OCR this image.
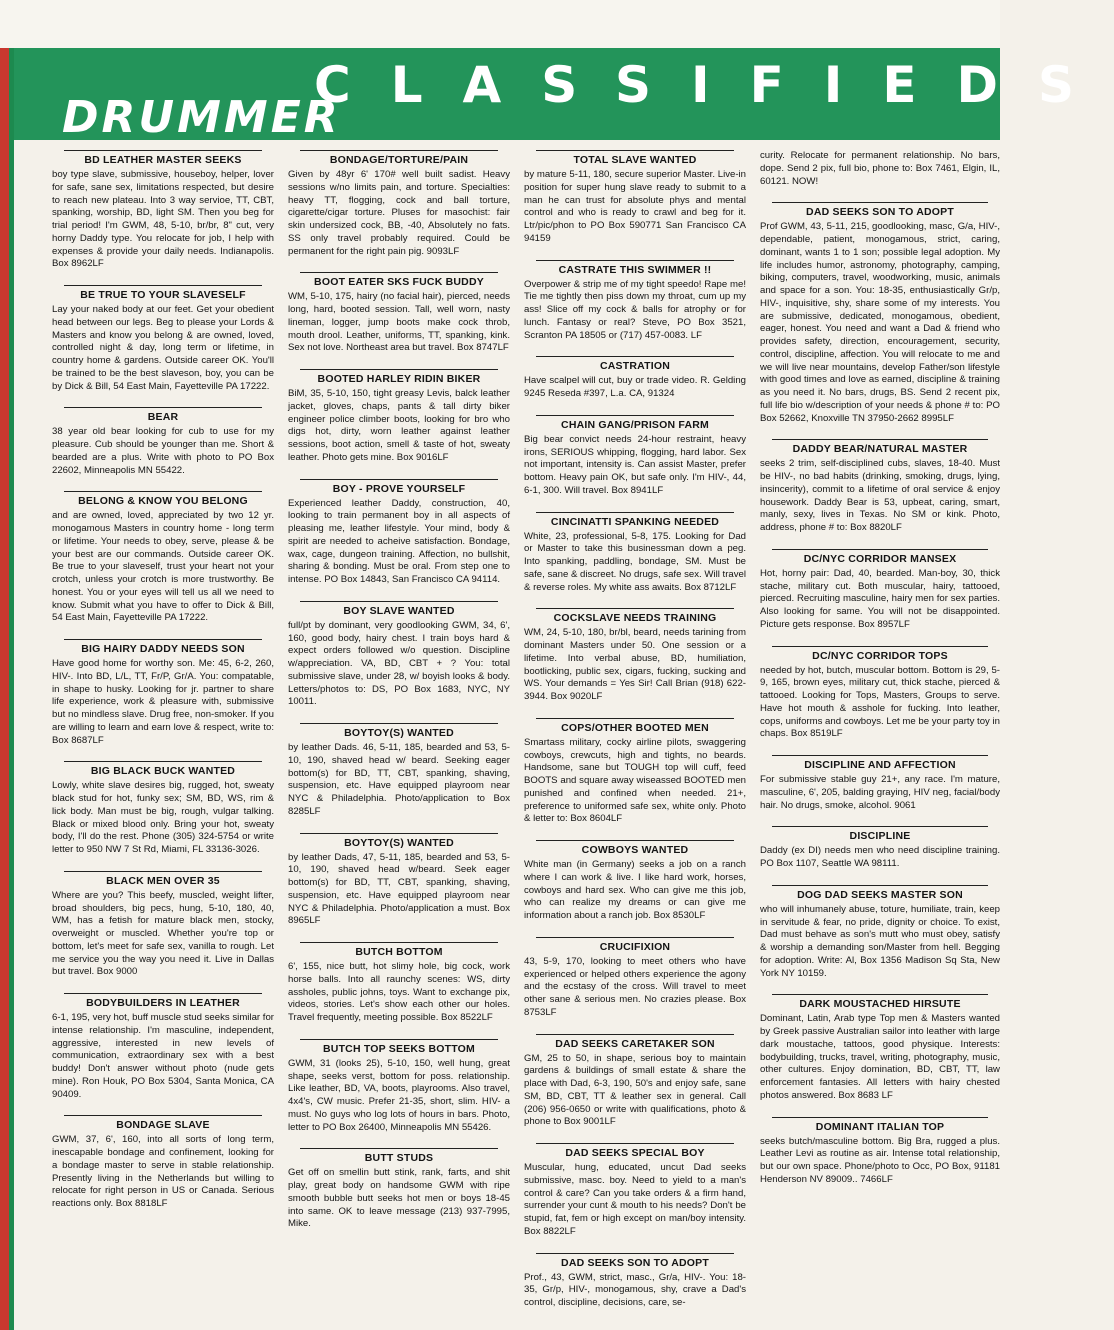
DRUMMER
CLASSIFIEDS
BD LEATHER MASTER SEEKS

boy type slave, submissive, houseboy, helper, lover for safe, sane sex, limitations respected, but desire to reach new plateau. Into 3 way servioe, TT, CBT, spanking, worship, BD, light SM. Then you beg for trial period! I'm GWM, 48, 5-10, br/br, 8" cut, very horny Daddy type. You relocate for job, I help with expenses & provide your daily needs. Indianapolis. Box 8962LF

BE TRUE TO YOUR SLAVESELF

Lay your naked body at our feet. Get your obedient head between our legs. Beg to please your Lords & Masters and know you belong & are owned, loved, controlled night & day, long term or lifetime, in country home & gardens. Outside career OK. You'll be trained to be the best slaveson, boy, you can be by Dick & Bill, 54 East Main, Fayetteville PA 17222.

BEAR

38 year old bear looking for cub to use for my pleasure. Cub should be younger than me. Short & bearded are a plus. Write with photo to PO Box 22602, Minneapolis MN 55422.

BELONG & KNOW YOU BELONG

and are owned, loved, appreciated by two 12 yr. monogamous Masters in country home - long term or lifetime. Your needs to obey, serve, please & be your best are our commands. Outside career OK. Be true to your slaveself, trust your heart not your crotch, unless your crotch is more trustworthy. Be honest. You or your eyes will tell us all we need to know. Submit what you have to offer to Dick & Bill, 54 East Main, Fayetteville PA 17222.

BIG HAIRY DADDY NEEDS SON

Have good home for worthy son. Me: 45, 6-2, 260, HIV-. Into BD, L/L, TT, Fr/P, Gr/A. You: compatable, in shape to husky. Looking for jr. partner to share life experience, work & pleasure with, submissive but no mindless slave. Drug free, non-smoker. If you are willing to learn and earn love & respect, write to: Box 8687LF

BIG BLACK BUCK WANTED

Lowly, white slave desires big, rugged, hot, sweaty black stud for hot, funky sex; SM, BD, WS, rim & lick body. Man must be big, rough, vulgar talking. Black or mixed blood only. Bring your hot, sweaty body, I'll do the rest. Phone (305) 324-5754 or write letter to 950 NW 7 St Rd, Miami, FL 33136-3026.

BLACK MEN OVER 35

Where are you? This beefy, muscled, weight lifter, broad shoulders, big pecs, hung, 5-10, 180, 40, WM, has a fetish for mature black men, stocky, overweight or muscled. Whether you're top or bottom, let's meet for safe sex, vanilla to rough. Let me service you the way you need it. Live in Dallas but travel. Box 9000

BODYBUILDERS IN LEATHER

6-1, 195, very hot, buff muscle stud seeks similar for intense relationship. I'm masculine, independent, aggressive, interested in new levels of communication, extraordinary sex with a best buddy! Don't answer without photo (nude gets mine). Ron Houk, PO Box 5304, Santa Monica, CA 90409.

BONDAGE SLAVE

GWM, 37, 6', 160, into all sorts of long term, inescapable bondage and confinement, looking for a bondage master to serve in stable relationship. Presently living in the Netherlands but willing to relocate for right person in US or Canada. Serious reactions only. Box 8818LF

BONDAGE/TORTURE/PAIN

Given by 48yr 6' 170# well built sadist. Heavy sessions w/no limits pain, and torture. Specialties: heavy TT, flogging, cock and ball torture, cigarette/cigar torture. Pluses for masochist: fair skin undersized cock, BB, -40, Absolutely no fats. SS only travel probably required. Could be permanent for the right pain pig. 9093LF

BOOT EATER SKS FUCK BUDDY

WM, 5-10, 175, hairy (no facial hair), pierced, needs long, hard, booted session. Tall, well worn, nasty lineman, logger, jump boots make cock throb, mouth drool. Leather, uniforms, TT, spanking, kink. Sex not love. Northeast area but travel. Box 8747LF

BOOTED HARLEY RIDIN BIKER

BiM, 35, 5-10, 150, tight greasy Levis, balck leather jacket, gloves, chaps, pants & tall dirty biker engineer police climber boots, looking for bro who digs hot, dirty, worn leather against leather sessions, boot action, smell & taste of hot, sweaty leather. Photo gets mine. Box 9016LF

BOY - PROVE YOURSELF

Experienced leather Daddy, construction, 40, looking to train permanent boy in all aspects of pleasing me, leather lifestyle. Your mind, body & spirit are needed to acheive satisfaction. Bondage, wax, cage, dungeon training. Affection, no bullshit, sharing & bonding. Must be oral. From step one to intense. PO Box 14843, San Francisco CA 94114.

BOY SLAVE WANTED

full/pt by dominant, very goodlooking GWM, 34, 6', 160, good body, hairy chest. I train boys hard & expect orders followed w/o question. Discipline w/appreciation. VA, BD, CBT + ? You: total submissive slave, under 28, w/ boyish looks & body. Letters/photos to: DS, PO Box 1683, NYC, NY 10011.

BOYTOY(S) WANTED

by leather Dads. 46, 5-11, 185, bearded and 53, 5-10, 190, shaved head w/ beard. Seeking eager bottom(s) for BD, TT, CBT, spanking, shaving, suspension, etc. Have equipped playroom near NYC & Philadelphia. Photo/application to Box 8285LF

BOYTOY(S) WANTED

by leather Dads, 47, 5-11, 185, bearded and 53, 5-10, 190, shaved head w/beard. Seek eager bottom(s) for BD, TT, CBT, spanking, shaving, suspension, etc. Have equipped playroom near NYC & Philadelphia. Photo/application a must. Box 8965LF

BUTCH BOTTOM

6', 155, nice butt, hot slimy hole, big cock, work horse balls. Into all raunchy scenes: WS, dirty assholes, public johns, toys. Want to exchange pix, videos, stories. Let's show each other our holes. Travel frequently, meeting possible. Box 8522LF

BUTCH TOP SEEKS BOTTOM

GWM, 31 (looks 25), 5-10, 150, well hung, great shape, seeks verst, bottom for poss. relationship. Like leather, BD, VA, boots, playrooms. Also travel, 4x4's, CW music. Prefer 21-35, short, slim. HIV- a must. No guys who log lots of hours in bars. Photo, letter to PO Box 26400, Minneapolis MN 55426.

BUTT STUDS

Get off on smellin butt stink, rank, farts, and shit play, great body on handsome GWM with ripe smooth bubble butt seeks hot men or boys 18-45 into same. OK to leave message (213) 937-7995, Mike.

TOTAL SLAVE WANTED

by mature 5-11, 180, secure superior Master. Live-in position for super hung slave ready to submit to a man he can trust for absolute phys and mental control and who is ready to crawl and beg for it. Ltr/pic/phon to PO Box 590771 San Francisco CA 94159

CASTRATE THIS SWIMMER !!

Overpower & strip me of my tight speedo! Rape me! Tie me tightly then piss down my throat, cum up my ass! Slice off my cock & balls for atrophy or for lunch. Fantasy or real? Steve, PO Box 3521, Scranton PA 18505 or (717) 457-0083. LF

CASTRATION

Have scalpel will cut, buy or trade video. R. Gelding 9245 Reseda #397, L.a. CA, 91324

CHAIN GANG/PRISON FARM

Big bear convict needs 24-hour restraint, heavy irons, SERIOUS whipping, flogging, hard labor. Sex not important, intensity is. Can assist Master, prefer bottom. Heavy pain OK, but safe only. I'm HIV-, 44, 6-1, 300. Will travel. Box 8941LF

CINCINATTI SPANKING NEEDED

White, 23, professional, 5-8, 175. Looking for Dad or Master to take this businessman down a peg. Into spanking, paddling, bondage, SM. Must be safe, sane & discreet. No drugs, safe sex. Will travel & reverse roles. My white ass awaits. Box 8712LF

COCKSLAVE NEEDS TRAINING

WM, 24, 5-10, 180, br/bl, beard, needs tarining from dominant Masters under 50. One session or a lifetime. Into verbal abuse, BD, humiliation, bootlicking, public sex, cigars, fucking, sucking and WS. Your demands = Yes Sir! Call Brian (918) 622-3944. Box 9020LF

COPS/OTHER BOOTED MEN

Smartass military, cocky airline pilots, swaggering cowboys, crewcuts, high and tights, no beards. Handsome, sane but TOUGH top will cuff, feed BOOTS and square away wiseassed BOOTED men punished and confined when needed. 21+, preference to uniformed safe sex, white only. Photo & letter to: Box 8604LF

COWBOYS WANTED

White man (in Germany) seeks a job on a ranch where I can work & live. I like hard work, horses, cowboys and hard sex. Who can give me this job, who can realize my dreams or can give me information about a ranch job. Box 8530LF

CRUCIFIXION

43, 5-9, 170, looking to meet others who have experienced or helped others experience the agony and the ecstasy of the cross. Will travel to meet other sane & serious men. No crazies please. Box 8753LF

DAD SEEKS CARETAKER SON

GM, 25 to 50, in shape, serious boy to maintain gardens & buildings of small estate & share the place with Dad, 6-3, 190, 50's and enjoy safe, sane SM, BD, CBT, TT & leather sex in general. Call (206) 956-0650 or write with qualifications, photo & phone to Box 9001LF

DAD SEEKS SPECIAL BOY

Muscular, hung, educated, uncut Dad seeks submissive, masc. boy. Need to yield to a man's control & care? Can you take orders & a firm hand, surrender your cunt & mouth to his needs? Don't be stupid, fat, fem or high except on man/boy intensity. Box 8822LF

DAD SEEKS SON TO ADOPT

Prof., 43, GWM, strict, masc., Gr/a, HIV-. You: 18-35, Gr/p, HIV-, monogamous, shy, crave a Dad's control, discipline, decisions, care, se-

curity. Relocate for permanent relationship. No bars, dope. Send 2 pix, full bio, phone to: Box 7461, Elgin, IL, 60121. NOW!

DAD SEEKS SON TO ADOPT

Prof GWM, 43, 5-11, 215, goodlooking, masc, G/a, HIV-, dependable, patient, monogamous, strict, caring, dominant, wants 1 to 1 son; possible legal adoption. My life includes humor, astronomy, photography, camping, biking, computers, travel, woodworking, music, animals and space for a son. You: 18-35, enthusiastically Gr/p, HIV-, inquisitive, shy, share some of my interests. You are submissive, dedicated, monogamous, obedient, eager, honest. You need and want a Dad & friend who provides safety, direction, encouragement, security, control, discipline, affection. You will relocate to me and we will live near mountains, develop Father/son lifestyle with good times and love as earned, discipline & training as you need it. No bars, drugs, BS. Send 2 recent pix, full life bio w/description of your needs & phone # to: PO Box 52662, Knoxville TN 37950-2662 8995LF

DADDY BEAR/NATURAL MASTER

seeks 2 trim, self-disciplined cubs, slaves, 18-40. Must be HIV-, no bad habits (drinking, smoking, drugs, lying, insincerity), commit to a lifetime of oral service & enjoy housework. Daddy Bear is 53, upbeat, caring, smart, manly, sexy, lives in Texas. No SM or kink. Photo, address, phone # to: Box 8820LF

DC/NYC CORRIDOR MANSEX

Hot, horny pair: Dad, 40, bearded. Man-boy, 30, thick stache, military cut. Both muscular, hairy, tattooed, pierced. Recruiting masculine, hairy men for sex parties. Also looking for same. You will not be disappointed. Picture gets response. Box 8957LF

DC/NYC CORRIDOR TOPS

needed by hot, butch, muscular bottom. Bottom is 29, 5-9, 165, brown eyes, military cut, thick stache, pierced & tattooed. Looking for Tops, Masters, Groups to serve. Have hot mouth & asshole for fucking. Into leather, cops, uniforms and cowboys. Let me be your party toy in chaps. Box 8519LF

DISCIPLINE AND AFFECTION

For submissive stable guy 21+, any race. I'm mature, masculine, 6', 205, balding graying, HIV neg, facial/body hair. No drugs, smoke, alcohol. 9061

DISCIPLINE

Daddy (ex DI) needs men who need discipline training. PO Box 1107, Seattle WA 98111.

DOG DAD SEEKS MASTER SON

who will inhumanely abuse, toture, humiliate, train, keep in servitude & fear, no pride, dignity or choice. To exist, Dad must behave as son's mutt who must obey, satisfy & worship a demanding son/Master from hell. Begging for adoption. Write: Al, Box 1356 Madison Sq Sta, New York NY 10159.

DARK MOUSTACHED HIRSUTE

Dominant, Latin, Arab type Top men & Masters wanted by Greek passive Australian sailor into leather with large dark moustache, tattoos, good physique. Interests: bodybuilding, trucks, travel, writing, photography, music, other cultures. Enjoy domination, BD, CBT, TT, law enforcement fantasies. All letters with hairy chested photos answered. Box 8683 LF

DOMINANT ITALIAN TOP

seeks butch/masculine bottom. Big Bra, rugged a plus. Leather Levi as routine as air. Intense total relationship, but our own space. Phone/photo to Occ, PO Box, 91181 Henderson NV 89009.. 7466LF
